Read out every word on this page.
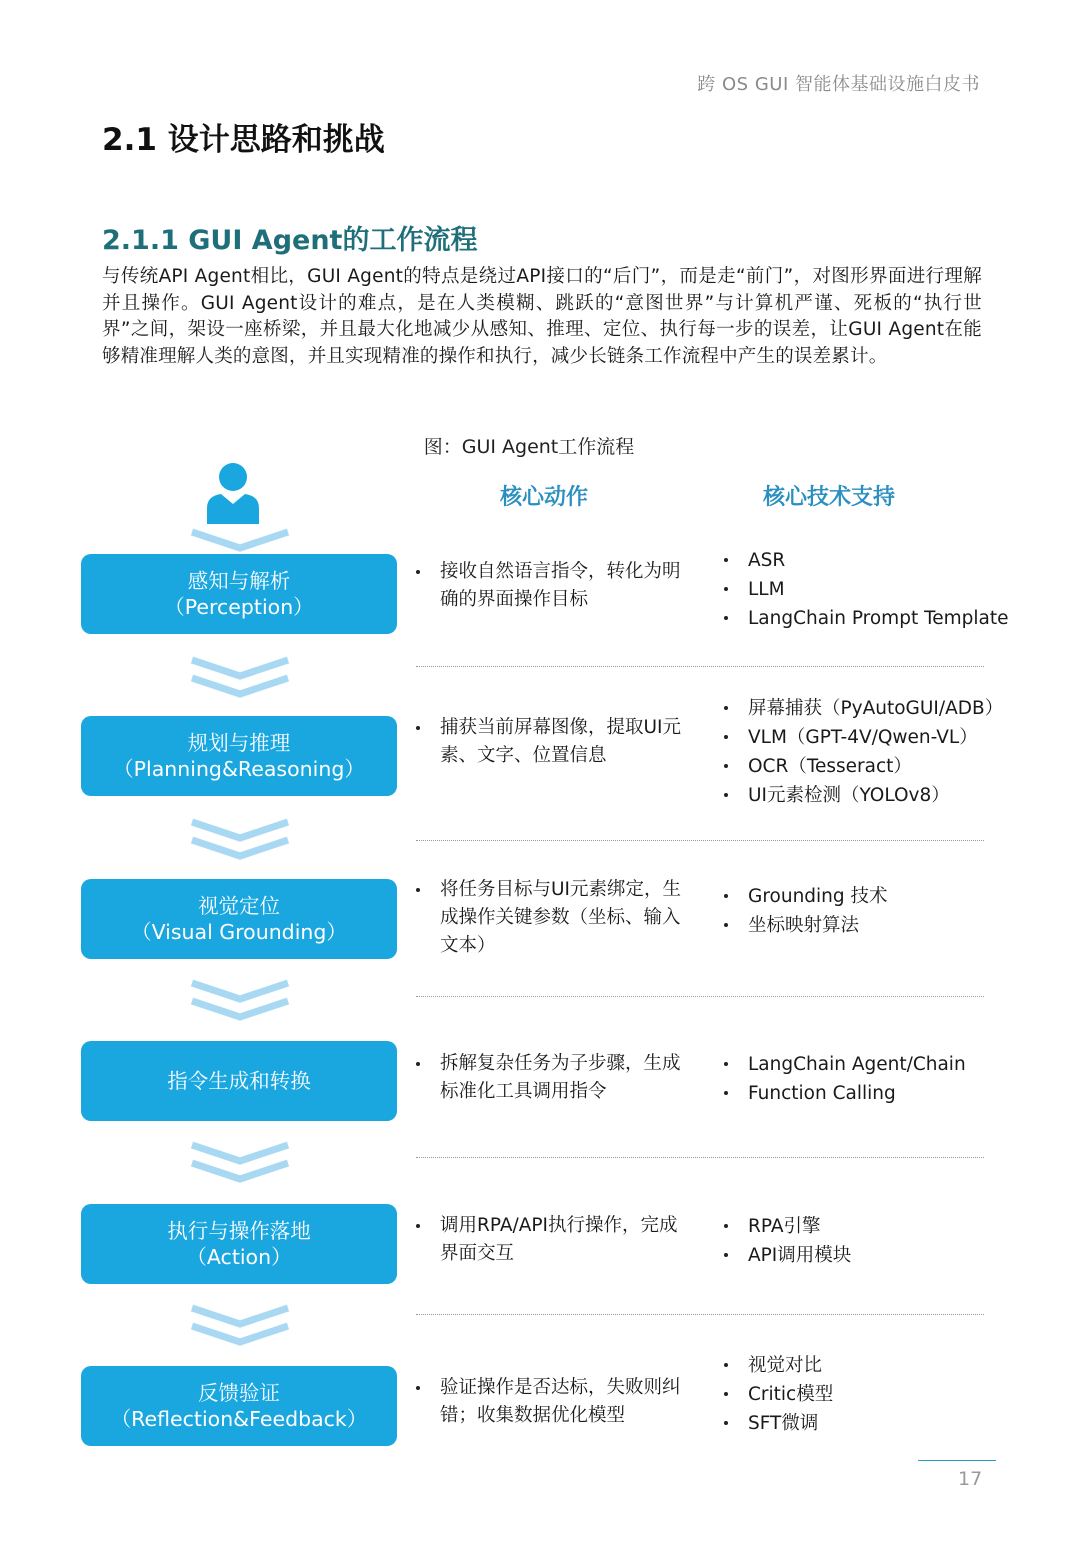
跨 OS GUI 智能体基础设施白皮书
2.1 设计思路和挑战
2.1.1 GUI Agent的工作流程
与传统API Agent相比，GUI Agent的特点是绕过API接口的“后门”，而是走“前门”，对图形界面进行理解并且操作。GUI Agent设计的难点，是在人类模糊、跳跃的“意图世界”与计算机严谨、死板的“执行世界”之间，架设一座桥梁，并且最大化地减少从感知、推理、定位、执行每一步的误差，让GUI Agent在能够精准理解人类的意图，并且实现精准的操作和执行，减少长链条工作流程中产生的误差累计。
图：GUI Agent工作流程
核心动作	核心技术支持
感知与解析
（Perception）
接收自然语言指令，转化为明确的界面操作目标
ASR
LLM
LangChain Prompt Template
规划与推理
（Planning&Reasoning）
捕获当前屏幕图像，提取UI元素、文字、位置信息
屏幕捕获（PyAutoGUI/ADB）
VLM（GPT-4V/Qwen-VL）
OCR（Tesseract）
UI元素检测（YOLOv8）
视觉定位
（Visual Grounding）
将任务目标与UI元素绑定，生成操作关键参数（坐标、输入文本）
Grounding 技术
坐标映射算法
指令生成和转换
拆解复杂任务为子步骤，生成标准化工具调用指令
LangChain Agent/Chain
Function Calling
执行与操作落地
（Action）
调用RPA/API执行操作，完成界面交互
RPA引擎
API调用模块
反馈验证
（Reflection&Feedback）
验证操作是否达标，失败则纠错；收集数据优化模型
视觉对比
Critic模型
SFT微调
17
